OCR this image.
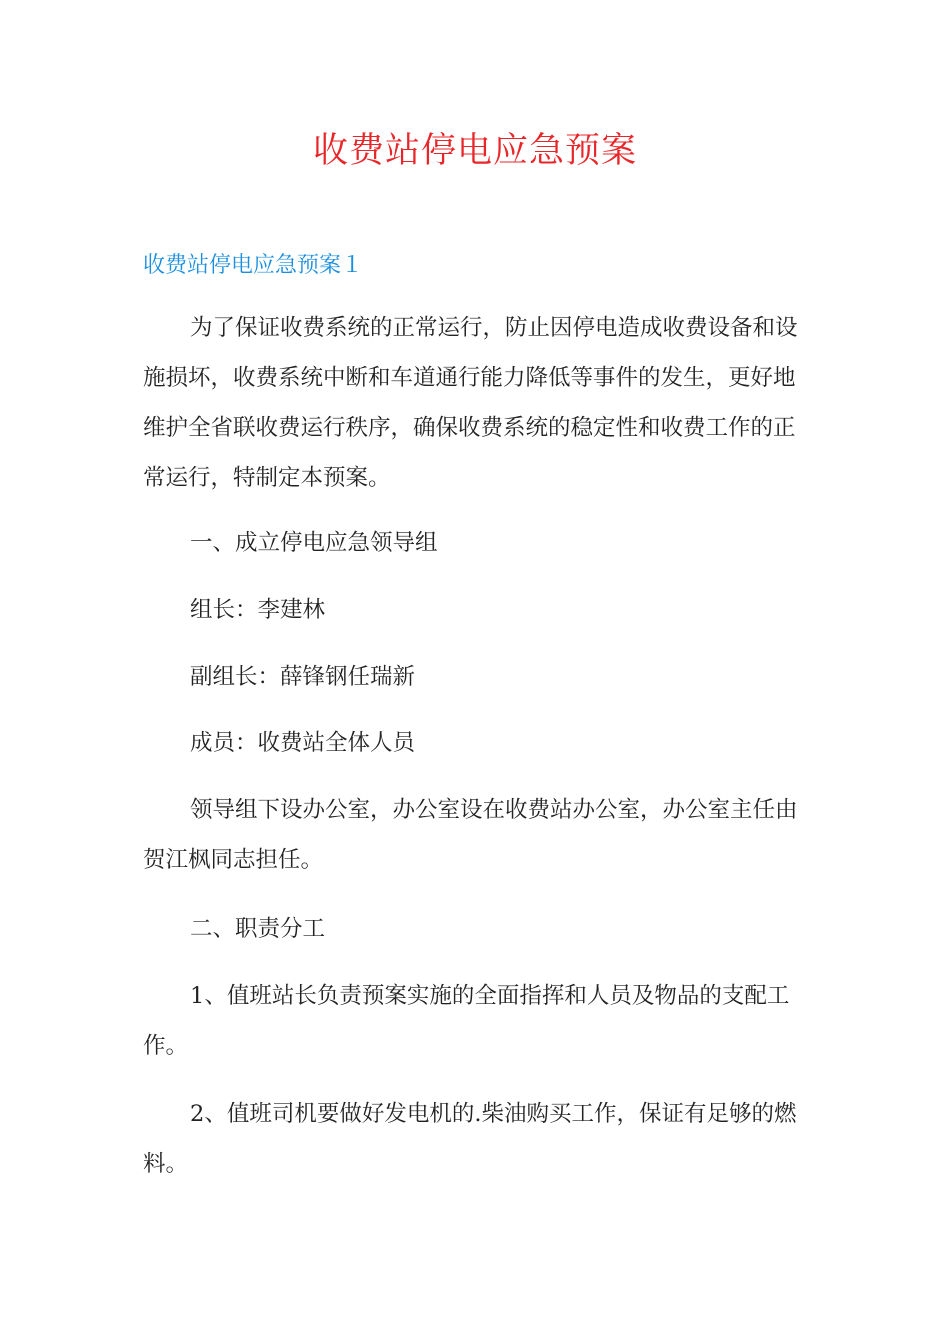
收费站停电应急预案
收费站停电应急预案１

为了保证收费系统的正常运行，防止因停电造成收费设备和设施损坏，收费系统中断和车道通行能力降低等事件的发生，更好地维护全省联收费运行秩序，确保收费系统的稳定性和收费工作的正常运行，特制定本预案。

一、成立停电应急领导组

组长：李建林

副组长：薛锋钢任瑞新

成员：收费站全体人员

领导组下设办公室，办公室设在收费站办公室，办公室主任由贺江枫同志担任。

二、职责分工

1、值班站长负责预案实施的全面指挥和人员及物品的支配工作。

2、值班司机要做好发电机的.柴油购买工作，保证有足够的燃料。
